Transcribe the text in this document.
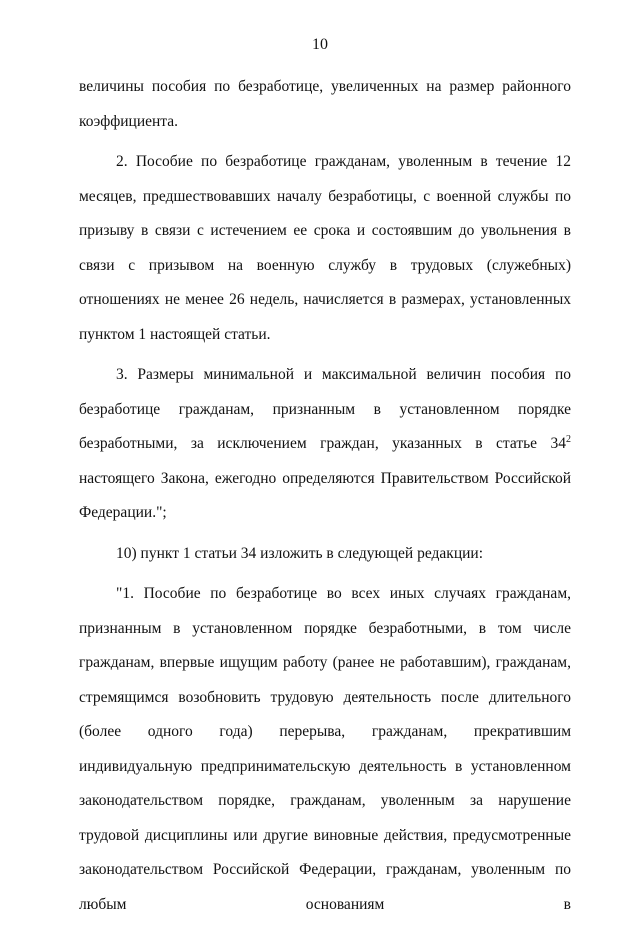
10

величины пособия по безработице, увеличенных на размер районного коэффициента.

2. Пособие по безработице гражданам, уволенным в течение 12 месяцев, предшествовавших началу безработицы, с военной службы по призыву в связи с истечением ее срока и состоявшим до увольнения в связи с призывом на военную службу в трудовых (служебных) отношениях не менее 26 недель, начисляется в размерах, установленных пунктом 1 настоящей статьи.

3. Размеры минимальной и максимальной величин пособия по безработице гражданам, признанным в установленном порядке безработными, за исключением граждан, указанных в статье $34^2$ настоящего Закона, ежегодно определяются Правительством Российской Федерации.";

10) пункт 1 статьи 34 изложить в следующей редакции:

"1. Пособие по безработице во всех иных случаях гражданам, признанным в установленном порядке безработными, в том числе гражданам, впервые ищущим работу (ранее не работавшим), гражданам, стремящимся возобновить трудовую деятельность после длительного (более одного года) перерыва, гражданам, прекратившим индивидуальную предпринимательскую деятельность в установленном законодательством порядке, гражданам, уволенным за нарушение трудовой дисциплины или другие виновные действия, предусмотренные законодательством Российской Федерации, гражданам, уволенным по любым основаниям в
